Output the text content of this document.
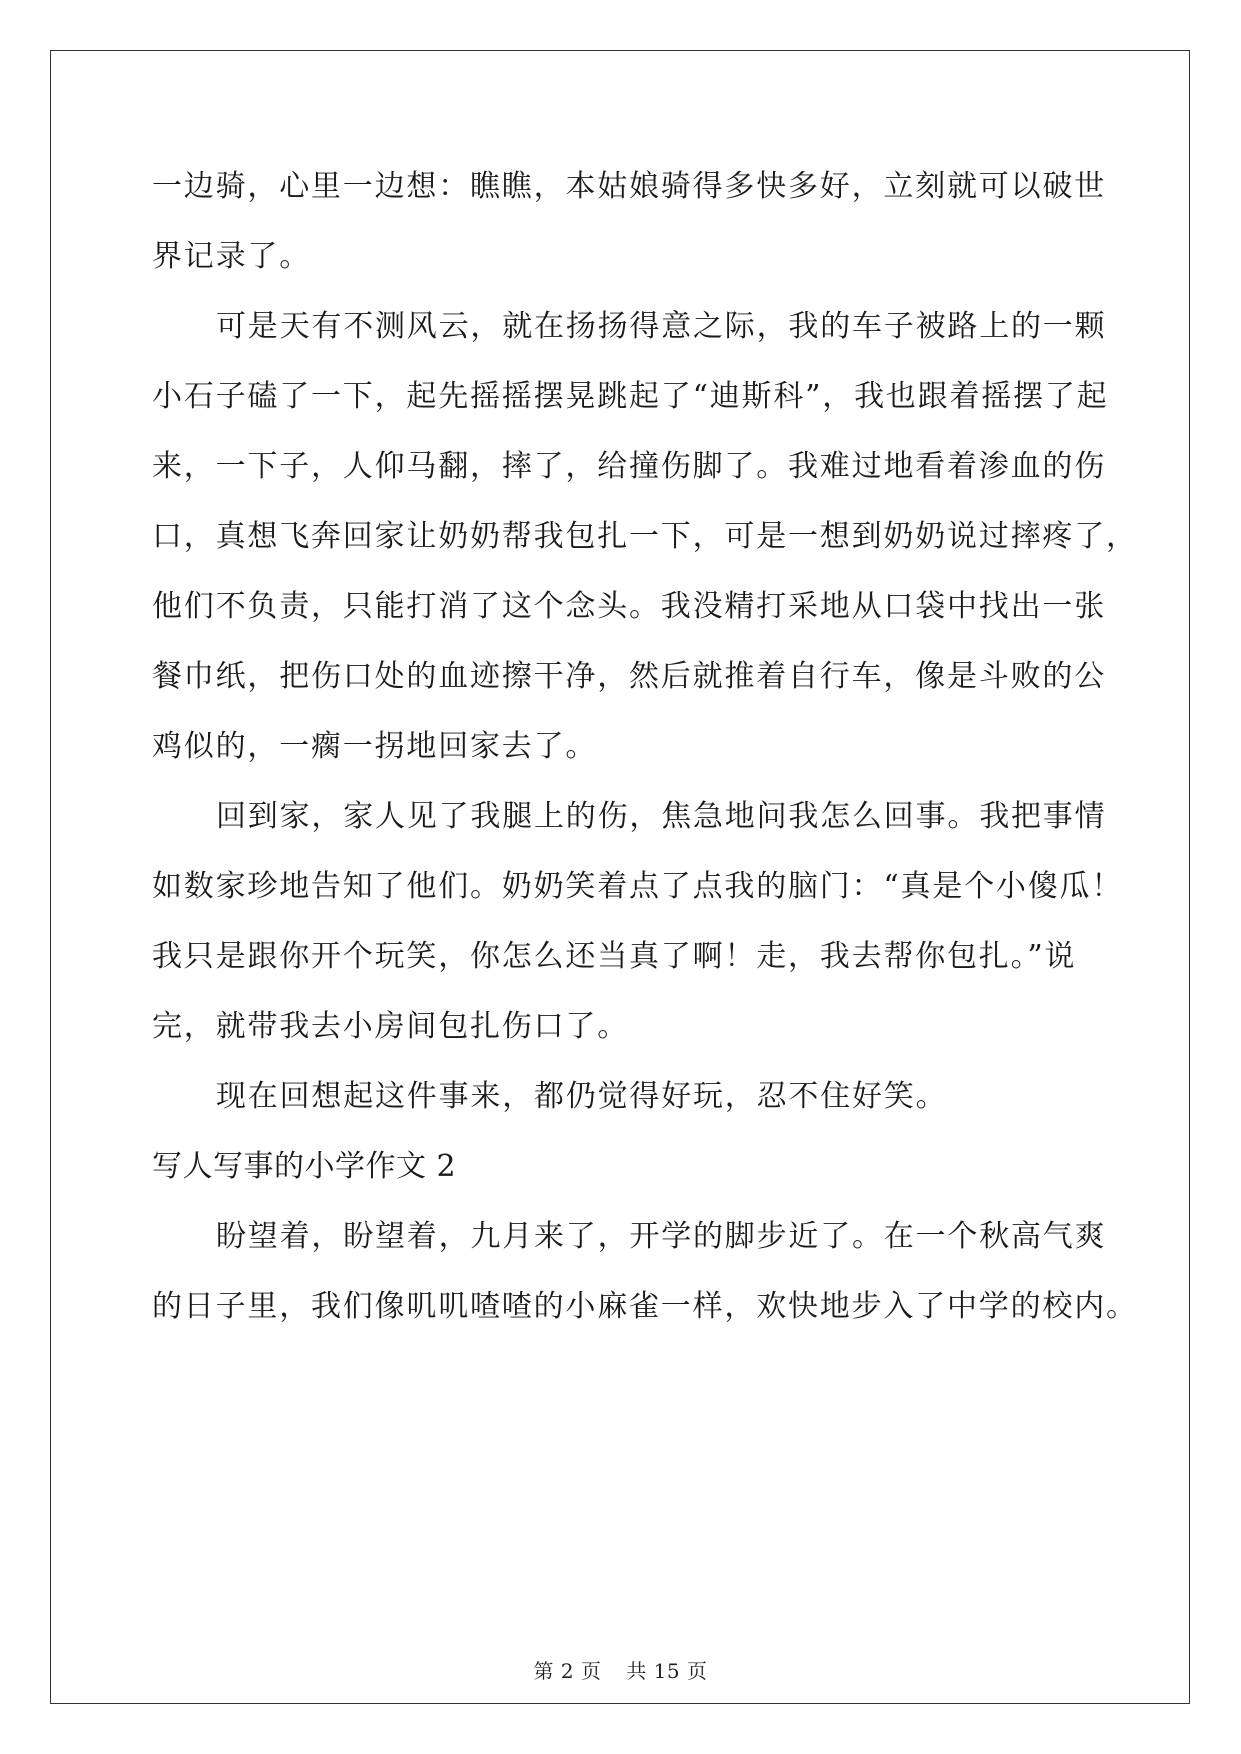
一边骑，心里一边想：瞧瞧，本姑娘骑得多快多好，立刻就可以破世
界记录了。
可是天有不测风云，就在扬扬得意之际，我的车子被路上的一颗
小石子磕了一下，起先摇摇摆晃跳起了“迪斯科”，我也跟着摇摆了起
来，一下子，人仰马翻，摔了，给撞伤脚了。我难过地看着渗血的伤
口，真想飞奔回家让奶奶帮我包扎一下，可是一想到奶奶说过摔疼了，
他们不负责，只能打消了这个念头。我没精打采地从口袋中找出一张
餐巾纸，把伤口处的血迹擦干净，然后就推着自行车，像是斗败的公
鸡似的，一瘸一拐地回家去了。
回到家，家人见了我腿上的伤，焦急地问我怎么回事。我把事情
如数家珍地告知了他们。奶奶笑着点了点我的脑门：“真是个小傻瓜！
我只是跟你开个玩笑，你怎么还当真了啊！走，我去帮你包扎。”说
完，就带我去小房间包扎伤口了。
现在回想起这件事来，都仍觉得好玩，忍不住好笑。
写人写事的小学作文 2
盼望着，盼望着，九月来了，开学的脚步近了。在一个秋高气爽
的日子里，我们像叽叽喳喳的小麻雀一样，欢快地步入了中学的校内。
第 2 页 共 15 页
